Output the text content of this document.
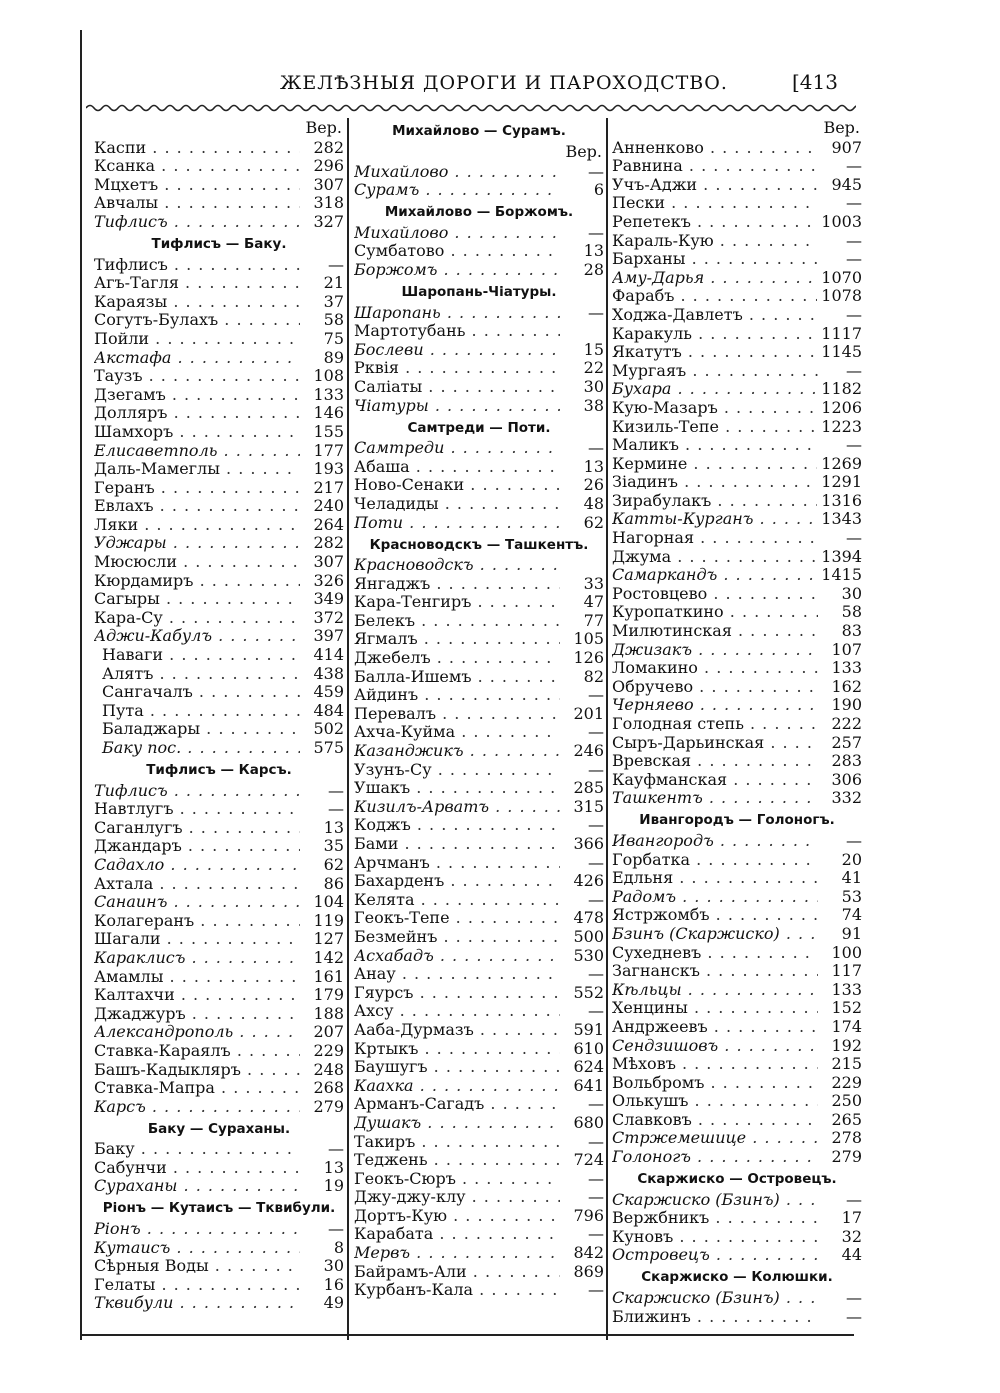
ЖЕЛѢЗНЫЯ ДОРОГИ И ПАРОХОДСТВО.	[413
Вер.
Каспи . . .	282
Ксанка . . .	296
Мцхетъ . . .	307
Авчалы . . .	318
Тифлисъ . . .	327
Тифлисъ — Баку.
Тифлисъ . . .	—
Агъ-Тагля . . .	21
Караязы . . .	37
Согутъ-Булахъ . . .	58
Пойли . . .	75
Акстафа . . .	89
Таузъ . . .	108
Дзегамъ . . .	133
Долляръ . . .	146
Шамхоръ . . .	155
Елисаветполь . . .	177
Даль-Мамеглы . . .	193
Геранъ . . .	217
Евлахъ . . .	240
Ляки . . .	264
Уджары . . .	282
Мюсюсли . . .	307
Кюрдамиръ . . .	326
Сагыры . . .	349
Кара-Су . . .	372
Аджи-Кабулъ . . .	397
Наваги . . .	414
Алятъ . . .	438
Сангачалъ . . .	459
Пута . . .	484
Баладжары . . .	502
Баку пос. . . .	575
Тифлисъ — Карсъ.
Тифлисъ . . .	—
Навтлугъ . . .	—
Саганлугъ . . .	13
Джандаръ . . .	35
Садахло . . .	62
Ахтала . . .	86
Санаинъ . . .	104
Колагеранъ . . .	119
Шагали . . .	127
Караклисъ . . .	142
Амамлы . . .	161
Калтахчи . . .	179
Джаджуръ . . .	188
Александрополь . . .	207
Ставка-Караялъ . . .	229
Башъ-Кадыкляръ . . .	248
Ставка-Мапра . . .	268
Карсъ . . .	279
Баку — Сураханы.
Баку . . .	—
Сабунчи . . .	13
Сураханы . . .	19
Ріонъ — Кутаисъ — Тквибули.
Ріонъ . . .	—
Кутаисъ . . .	8
Сѣрныя Воды . . .	30
Гелаты . . .	16
Тквибули . . .	49
Михайлово — Сурамъ.
Вер.
Михайлово . . .	—
Сурамъ . . .	6
Михайлово — Боржомъ.
Михайлово . . .	—
Сумбатово . . .	13
Боржомъ . . .	28
Шаропань-Чіатуры.
Шаропань . . .	—
Мартотубань . . .
Бослеви . . .	15
Рквія . . .	22
Саліаты . . .	30
Чіатуры . . .	38
Самтреди — Поти.
Самтреди . . .	—
Абаша . . .	13
Ново-Сенаки . . .	26
Челадиды . . .	48
Поти . . .	62
Красноводскъ — Ташкентъ.
Красноводскъ . . .
Янгаджъ . . .	33
Кара-Тенгиръ . . .	47
Белекъ . . .	77
Ягмалъ . . .	105
Джебелъ . . .	126
Балла-Ишемъ . . .	82
Айдинъ . . .	—
Перевалъ . . .	201
Ахча-Куйма . . .	—
Казанджикъ . . .	246
Узунъ-Су . . .	—
Ушакъ . . .	285
Кизилъ-Арватъ . . .	315
Коджъ . . .	—
Бами . . .	366
Арчманъ . . .	—
Бахарденъ . . .	426
Келята . . .	—
Геокъ-Тепе . . .	478
Безмейнъ . . .	500
Асхабадъ . . .	530
Анау . . .	—
Гяурсъ . . .	552
Ахсу . . .	—
Ааба-Дурмазъ . . .	591
Кртыкъ . . .	610
Баушугъ . . .	624
Каахка . . .	641
Арманъ-Сагадъ . . .	—
Душакъ . . .	680
Такиръ . . .	—
Теджень . . .	724
Геокъ-Сюръ . . .	—
Джу-джу-клу . . .	—
Дортъ-Кую . . .	796
Карабата . . .	—
Мервъ . . .	842
Байрамъ-Али . . .	869
Курбанъ-Кала . . .	—
Вер.
Анненково . . .	907
Равнина . . .	—
Учъ-Аджи . . .	945
Пески . . .	—
Репетекъ . . .	1003
Караль-Кую . . .	—
Барханы . . .	—
Аму-Дарья . . .	1070
Фарабъ . . .	1078
Ходжа-Давлетъ . . .	—
Каракуль . . .	1117
Якатутъ . . .	1145
Мургаяъ . . .	—
Бухара . . .	1182
Кую-Мазаръ . . .	1206
Кизиль-Тепе . . .	1223
Маликъ . . .	—
Кермине . . .	1269
Зіадинъ . . .	1291
Зирабулакъ . . .	1316
Катты-Курганъ . . .	1343
Нагорная . . .	—
Джума . . .	1394
Самаркандъ . . .	1415
Ростовцево . . .	30
Куропаткино . . .	58
Милютинская . . .	83
Джизакъ . . .	107
Ломакино . . .	133
Обручево . . .	162
Черняево . . .	190
Голодная степь . . .	222
Сыръ-Дарьинская . . .	257
Вревская . . .	283
Кауфманская . . .	306
Ташкентъ . . .	332
Ивангородъ — Голоногъ.
Ивангородъ . . .	—
Горбатка . . .	20
Едльня . . .	41
Радомъ . . .	53
Ястржомбъ . . .	74
Бзинъ (Скаржиско) . . .	91
Сухедневъ . . .	100
Загнанскъ . . .	117
Кѣльцы . . .	133
Хенцины . . .	152
Андржеевъ . . .	174
Сендзишовъ . . .	192
Мѣховъ . . .	215
Вольбромъ . . .	229
Олькушъ . . .	250
Славковъ . . .	265
Стржемешице . . .	278
Голоногъ . . .	279
Скаржиско — Островецъ.
Скаржиско (Бзинъ) . . .	—
Вержбникъ . . .	17
Куновъ . . .	32
Островецъ . . .	44
Скаржиско — Колюшки.
Скаржиско (Бзинъ) . . .	—
Ближинъ . . .	—
